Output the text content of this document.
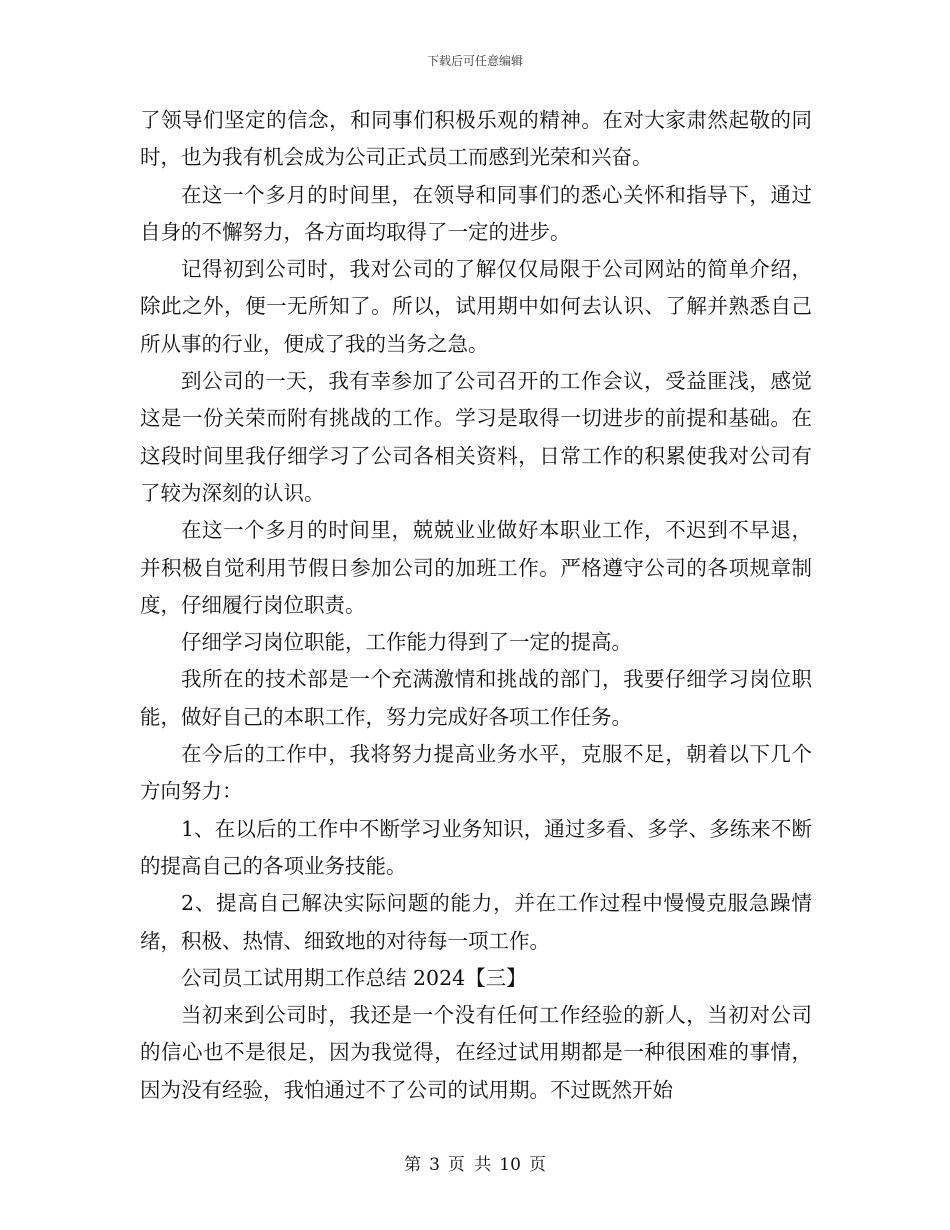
下载后可任意编辑

了领导们坚定的信念，和同事们积极乐观的精神。在对大家肃然起敬的同时，也为我有机会成为公司正式员工而感到光荣和兴奋。

在这一个多月的时间里，在领导和同事们的悉心关怀和指导下，通过自身的不懈努力，各方面均取得了一定的进步。

记得初到公司时，我对公司的了解仅仅局限于公司网站的简单介绍，除此之外，便一无所知了。所以，试用期中如何去认识、了解并熟悉自己所从事的行业，便成了我的当务之急。

到公司的一天，我有幸参加了公司召开的工作会议，受益匪浅，感觉这是一份关荣而附有挑战的工作。学习是取得一切进步的前提和基础。在这段时间里我仔细学习了公司各相关资料，日常工作的积累使我对公司有了较为深刻的认识。

在这一个多月的时间里，兢兢业业做好本职业工作，不迟到不早退，并积极自觉利用节假日参加公司的加班工作。严格遵守公司的各项规章制度，仔细履行岗位职责。

仔细学习岗位职能，工作能力得到了一定的提高。

我所在的技术部是一个充满激情和挑战的部门，我要仔细学习岗位职能，做好自己的本职工作，努力完成好各项工作任务。

在今后的工作中，我将努力提高业务水平，克服不足，朝着以下几个方向努力：

1、在以后的工作中不断学习业务知识，通过多看、多学、多练来不断的提高自己的各项业务技能。

2、提高自己解决实际问题的能力，并在工作过程中慢慢克服急躁情绪，积极、热情、细致地的对待每一项工作。

公司员工试用期工作总结 2024【三】

当初来到公司时，我还是一个没有任何工作经验的新人，当初对公司的信心也不是很足，因为我觉得，在经过试用期都是一种很困难的事情，因为没有经验，我怕通过不了公司的试用期。不过既然开始

第 3 页 共 10 页
